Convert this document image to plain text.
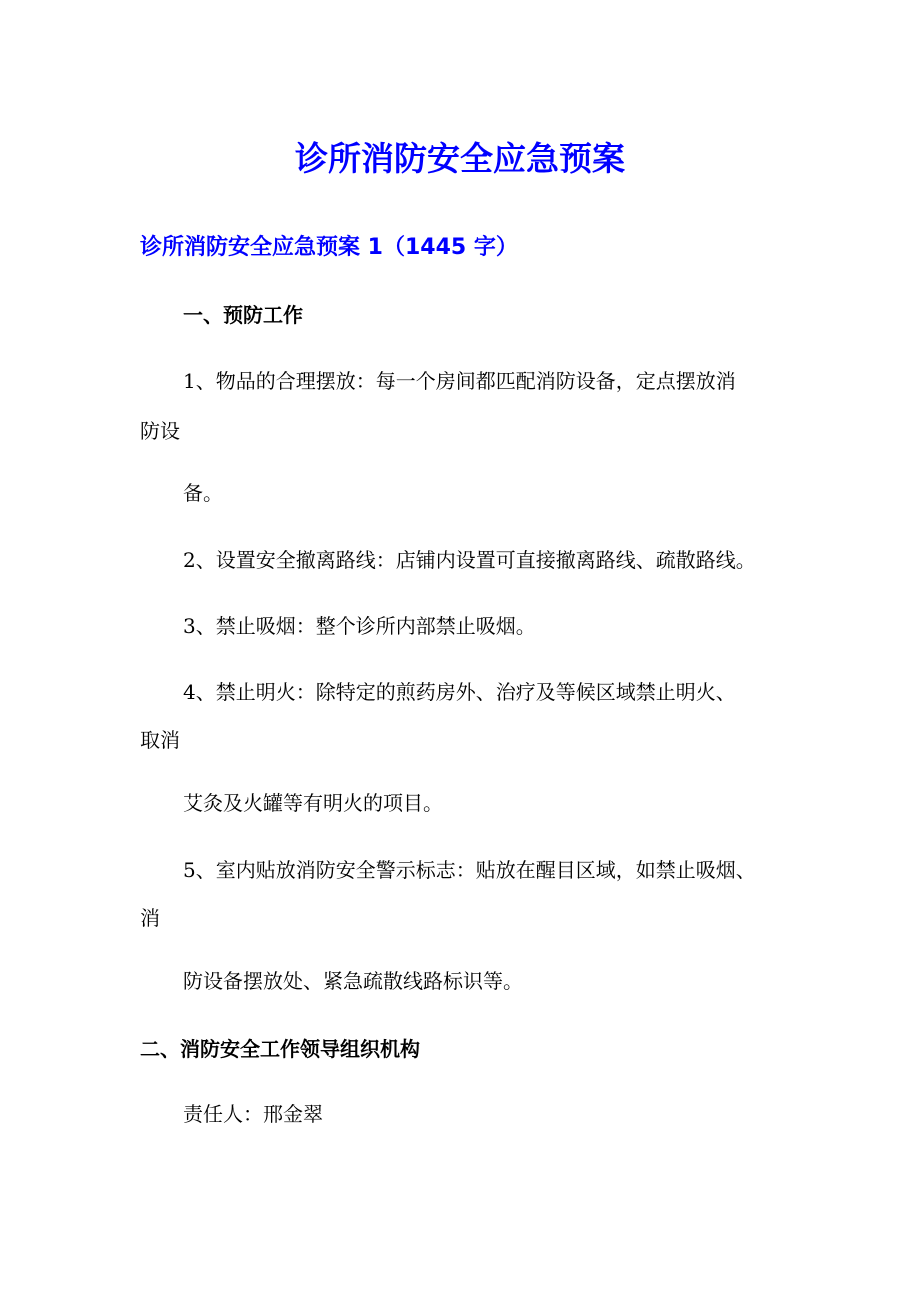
诊所消防安全应急预案
诊所消防安全应急预案 1（1445 字）

一、预防工作

1、物品的合理摆放：每一个房间都匹配消防设备，定点摆放消

防设

备。

2、设置安全撤离路线：店铺内设置可直接撤离路线、疏散路线。

3、禁止吸烟：整个诊所内部禁止吸烟。

4、禁止明火：除特定的煎药房外、治疗及等候区域禁止明火、

取消

艾灸及火罐等有明火的项目。

5、室内贴放消防安全警示标志：贴放在醒目区域，如禁止吸烟、

消

防设备摆放处、紧急疏散线路标识等。

二、消防安全工作领导组织机构

责任人：邢金翠
